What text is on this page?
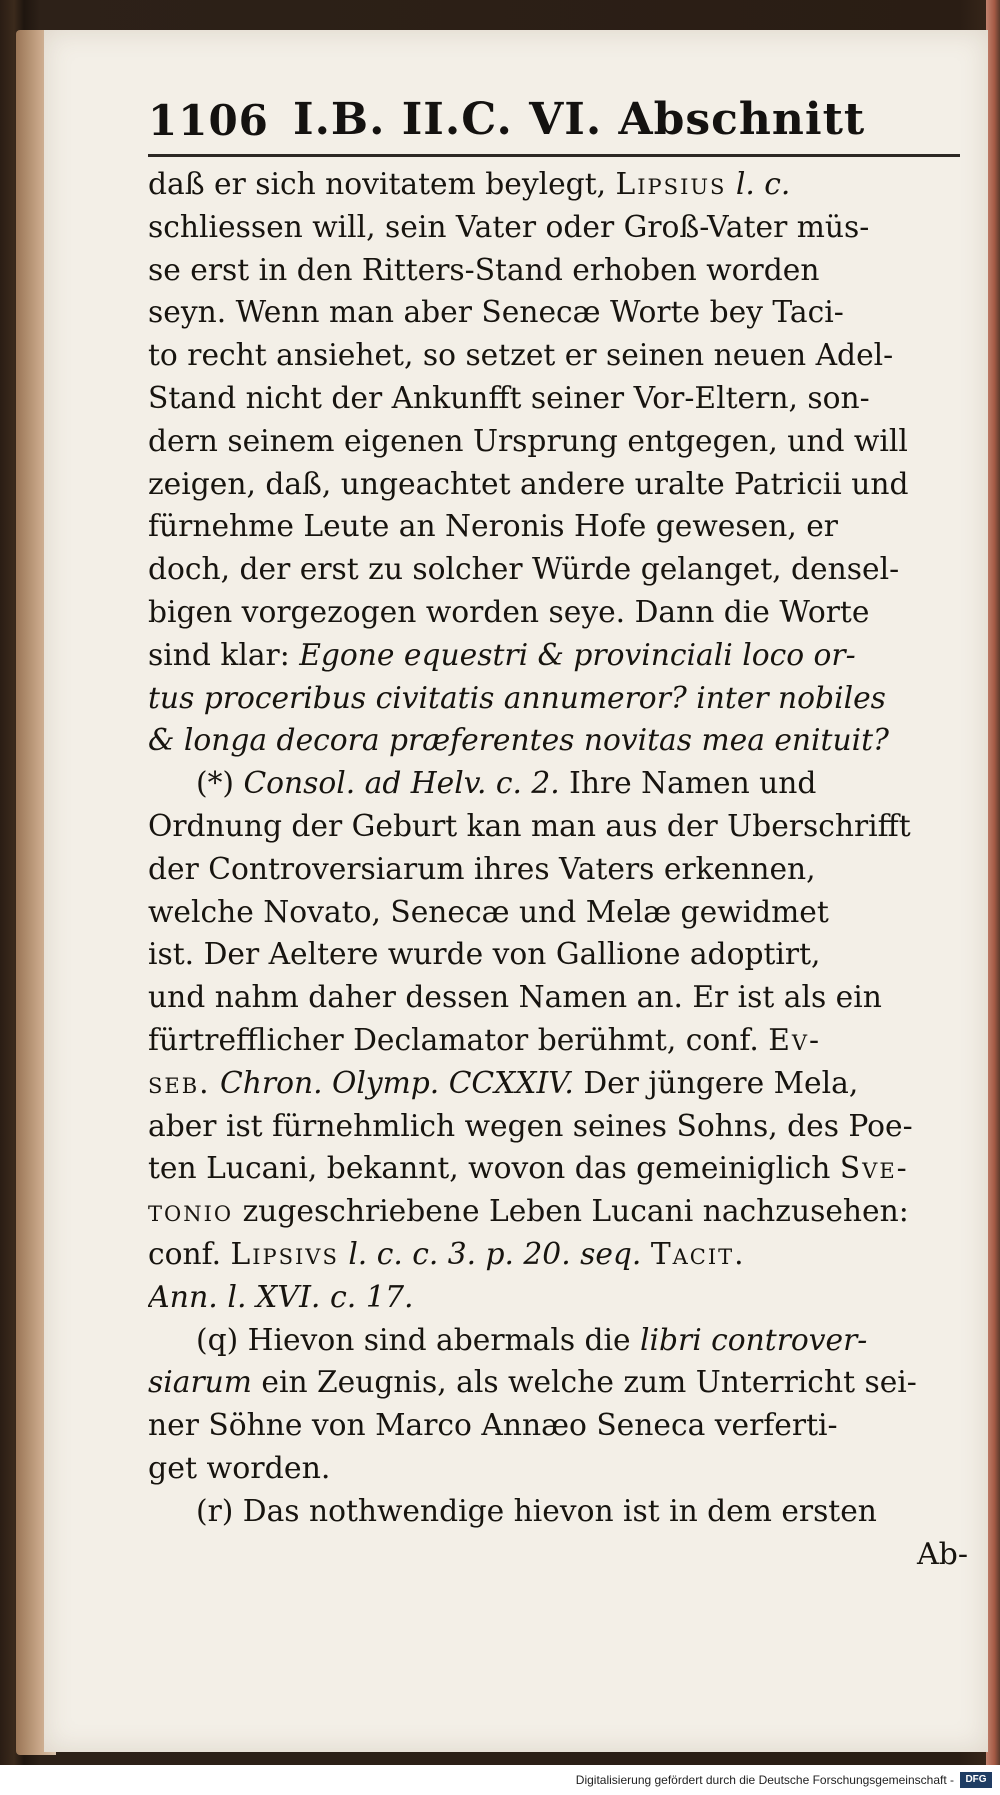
1106 I.B. II.C. VI. Abschnitt
daß er sich novitatem beylegt, Lipsius l. c.
schliessen will, sein Vater oder Groß-Vater müs-
se erst in den Ritters-Stand erhoben worden
seyn. Wenn man aber Senecæ Worte bey Taci-
to recht ansiehet, so setzet er seinen neuen Adel-
Stand nicht der Ankunfft seiner Vor-Eltern, son-
dern seinem eigenen Ursprung entgegen, und will
zeigen, daß, ungeachtet andere uralte Patricii und
fürnehme Leute an Neronis Hofe gewesen, er
doch, der erst zu solcher Würde gelanget, densel-
bigen vorgezogen worden seye. Dann die Worte
sind klar: Egone equestri & provinciali loco or-
tus proceribus civitatis annumeror? inter nobiles
& longa decora præferentes novitas mea enituit?
(*) Consol. ad Helv. c. 2. Ihre Namen und
Ordnung der Geburt kan man aus der Uberschrifft
der Controversiarum ihres Vaters erkennen,
welche Novato, Senecæ und Melæ gewidmet
ist. Der Aeltere wurde von Gallione adoptirt,
und nahm daher dessen Namen an. Er ist als ein
fürtrefflicher Declamator berühmt, conf. Ev-
seb. Chron. Olymp. CCXXIV. Der jüngere Mela,
aber ist fürnehmlich wegen seines Sohns, des Poe-
ten Lucani, bekannt, wovon das gemeiniglich Sve-
tonio zugeschriebene Leben Lucani nachzusehen:
conf. Lipsivs l. c. c. 3. p. 20. seq. Tacit.
Ann. l. XVI. c. 17.
(q) Hievon sind abermals die libri controver-
siarum ein Zeugnis, als welche zum Unterricht sei-
ner Söhne von Marco Annæo Seneca verferti-
get worden.
(r) Das nothwendige hievon ist in dem ersten
Ab-
Digitalisierung gefördert durch die Deutsche Forschungsgemeinschaft -	DFG
